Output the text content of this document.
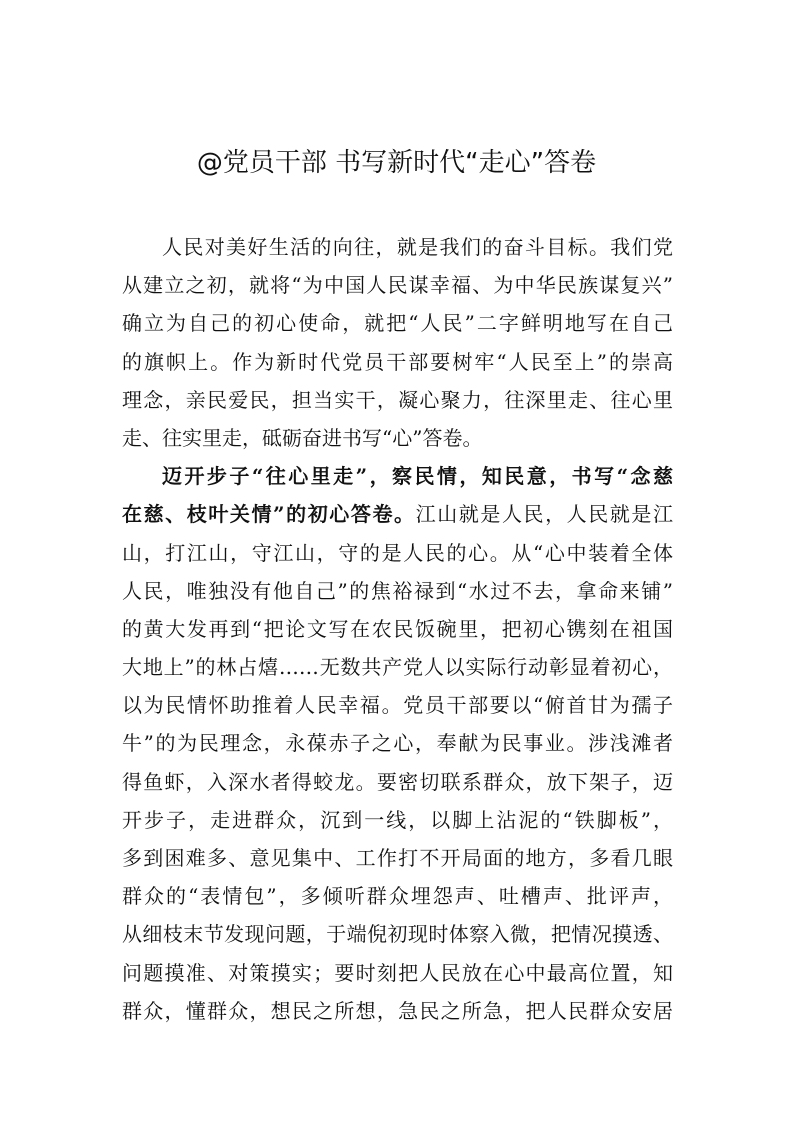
@党员干部 书写新时代“走心”答卷
人民对美好生活的向往，就是我们的奋斗目标。我们党
从建立之初，就将“为中国人民谋幸福、为中华民族谋复兴”
确立为自己的初心使命，就把“人民”二字鲜明地写在自己
的旗帜上。作为新时代党员干部要树牢“人民至上”的崇高
理念，亲民爱民，担当实干，凝心聚力，往深里走、往心里
走、往实里走，砥砺奋进书写“心”答卷。
迈开步子“往心里走”，察民情，知民意，书写“念慈
在慈、枝叶关情”的初心答卷。江山就是人民，人民就是江
山，打江山，守江山，守的是人民的心。从“心中装着全体
人民，唯独没有他自己”的焦裕禄到“水过不去，拿命来铺”
的黄大发再到“把论文写在农民饭碗里，把初心镌刻在祖国
大地上”的林占熺……无数共产党人以实际行动彰显着初心，
以为民情怀助推着人民幸福。党员干部要以“俯首甘为孺子
牛”的为民理念，永葆赤子之心，奉献为民事业。涉浅滩者
得鱼虾，入深水者得蛟龙。要密切联系群众，放下架子，迈
开步子，走进群众，沉到一线，以脚上沾泥的“铁脚板”，
多到困难多、意见集中、工作打不开局面的地方，多看几眼
群众的“表情包”，多倾听群众埋怨声、吐槽声、批评声，
从细枝末节发现问题，于端倪初现时体察入微，把情况摸透、
问题摸准、对策摸实；要时刻把人民放在心中最高位置，知
群众，懂群众，想民之所想，急民之所急，把人民群众安居
